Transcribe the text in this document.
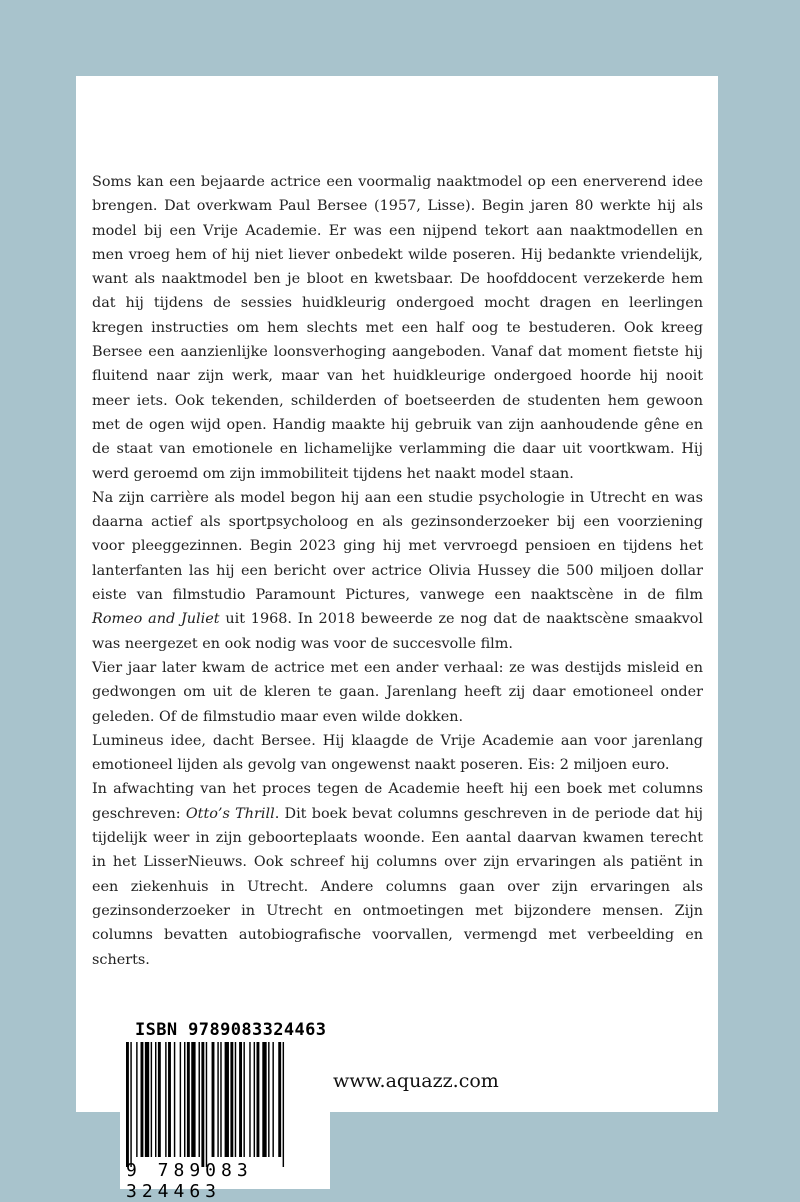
Soms kan een bejaarde actrice een voormalig naaktmodel op een enerverend idee brengen. Dat overkwam Paul Bersee (1957, Lisse). Begin jaren 80 werkte hij als model bij een Vrije Academie. Er was een nijpend tekort aan naaktmodellen en men vroeg hem of hij niet liever onbedekt wilde poseren. Hij bedankte vriendelijk, want als naaktmodel ben je bloot en kwetsbaar. De hoofddocent verzekerde hem dat hij tijdens de sessies huidkleurig ondergoed mocht dragen en leerlingen kregen instructies om hem slechts met een half oog te bestuderen. Ook kreeg Bersee een aanzienlijke loonsverhoging aangeboden. Vanaf dat moment fietste hij fluitend naar zijn werk, maar van het huidkleurige ondergoed hoorde hij nooit meer iets. Ook tekenden, schilderden of boetseerden de studenten hem gewoon met de ogen wijd open. Handig maakte hij gebruik van zijn aanhoudende gêne en de staat van emotionele en lichamelijke verlamming die daar uit voortkwam. Hij werd geroemd om zijn immobiliteit tijdens het naakt model staan.

Na zijn carrière als model begon hij aan een studie psychologie in Utrecht en was daarna actief als sportpsycholoog en als gezinsonderzoeker bij een voorziening voor pleeggezinnen. Begin 2023 ging hij met vervroegd pensioen en tijdens het lanterfanten las hij een bericht over actrice Olivia Hussey die 500 miljoen dollar eiste van filmstudio Paramount Pictures, vanwege een naaktscène in de film Romeo and Juliet uit 1968. In 2018 beweerde ze nog dat de naaktscène smaakvol was neergezet en ook nodig was voor de succesvolle film.

Vier jaar later kwam de actrice met een ander verhaal: ze was destijds misleid en gedwongen om uit de kleren te gaan. Jarenlang heeft zij daar emotioneel onder geleden. Of de filmstudio maar even wilde dokken.

Lumineus idee, dacht Bersee. Hij klaagde de Vrije Academie aan voor jarenlang emotioneel lijden als gevolg van ongewenst naakt poseren. Eis: 2 miljoen euro.

In afwachting van het proces tegen de Academie heeft hij een boek met columns geschreven: Otto’s Thrill. Dit boek bevat columns geschreven in de periode dat hij tijdelijk weer in zijn geboorteplaats woonde. Een aantal daarvan kwamen terecht in het LisserNieuws. Ook schreef hij columns over zijn ervaringen als patiënt in een ziekenhuis in Utrecht. Andere columns gaan over zijn ervaringen als gezinsonderzoeker in Utrecht en ontmoetingen met bijzondere mensen. Zijn columns bevatten autobiografische voorvallen, vermengd met verbeelding en scherts.

ISBN 9789083324463
9 789083 324463
www.aquazz.com
